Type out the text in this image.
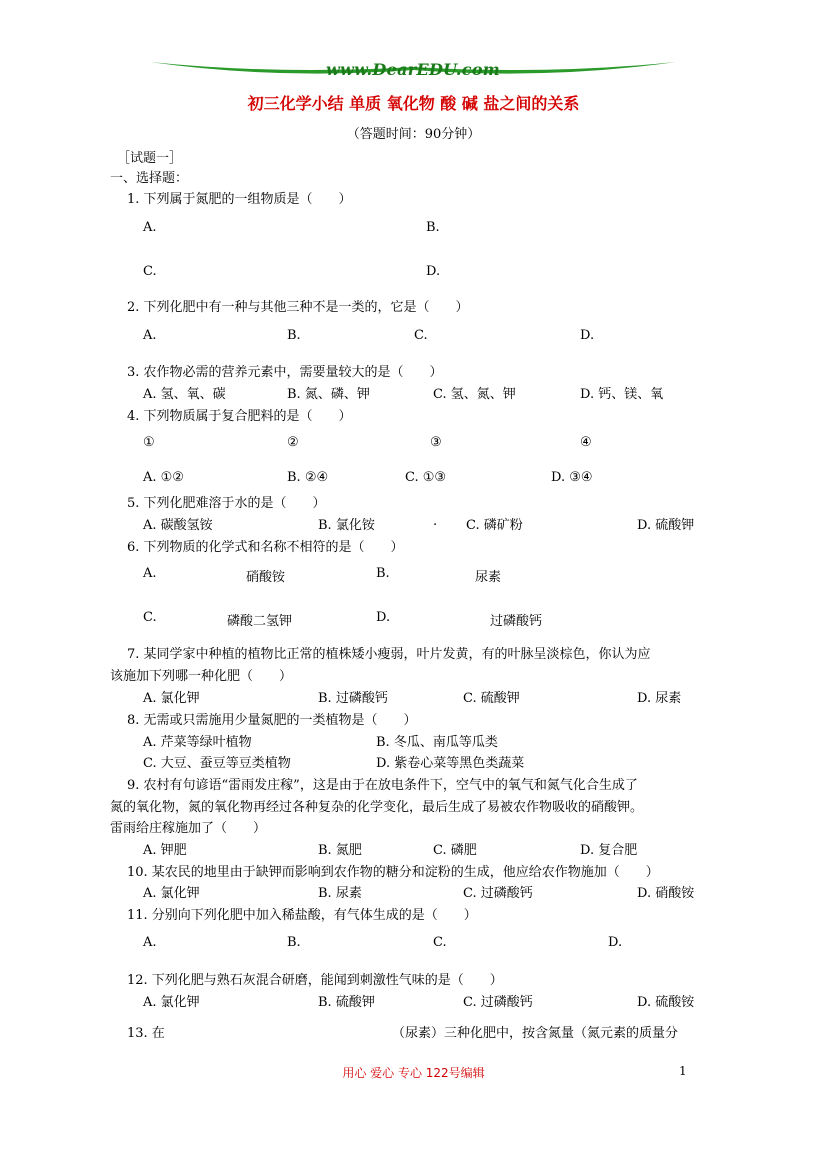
www.DearEDU.com
初三化学小结 单质 氧化物 酸 碱 盐之间的关系
（答题时间：90分钟）
［试题一］
一、选择题：
1. 下列属于氮肥的一组物质是（　　）
A.	B.
C.	D.
2. 下列化肥中有一种与其他三种不是一类的，它是（　　）
A.	B.	C.	D.
3. 农作物必需的营养元素中，需要量较大的是（　　）
A. 氢、氧、碳	B. 氮、磷、钾	C. 氢、氮、钾	D. 钙、镁、氧
4. 下列物质属于复合肥料的是（　　）
①	②	③	④
A. ①②	B. ②④	C. ①③	D. ③④
5. 下列化肥难溶于水的是（　　）
A. 碳酸氢铵	B. 氯化铵	. C. 磷矿粉	D. 硫酸钾
6. 下列物质的化学式和名称不相符的是（　　）
A.	硝酸铵	B.	尿素
C.	磷酸二氢钾	D.	过磷酸钙
7. 某同学家中种植的植物比正常的植株矮小瘦弱，叶片发黄，有的叶脉呈淡棕色，你认为应
该施加下列哪一种化肥（　　）
A. 氯化钾	B. 过磷酸钙	C. 硫酸钾	D. 尿素
8. 无需或只需施用少量氮肥的一类植物是（　　）
A. 芹菜等绿叶植物	B. 冬瓜、南瓜等瓜类
C. 大豆、蚕豆等豆类植物	D. 紫卷心菜等黑色类蔬菜
9. 农村有句谚语“雷雨发庄稼”，这是由于在放电条件下，空气中的氧气和氮气化合生成了
氮的氧化物，氮的氧化物再经过各种复杂的化学变化，最后生成了易被农作物吸收的硝酸钾。
雷雨给庄稼施加了（　　）
A. 钾肥	B. 氮肥	C. 磷肥	D. 复合肥
10. 某农民的地里由于缺钾而影响到农作物的糖分和淀粉的生成，他应给农作物施加（　　）
A. 氯化钾	B. 尿素	C. 过磷酸钙	D. 硝酸铵
11. 分别向下列化肥中加入稀盐酸，有气体生成的是（　　）
A.	B.	C.	D.
12. 下列化肥与熟石灰混合研磨，能闻到刺激性气味的是（　　）
A. 氯化钾	B. 硫酸钾	C. 过磷酸钙	D. 硫酸铵
13. 在	（尿素）三种化肥中，按含氮量（氮元素的质量分
用心 爱心 专心 122号编辑	1
